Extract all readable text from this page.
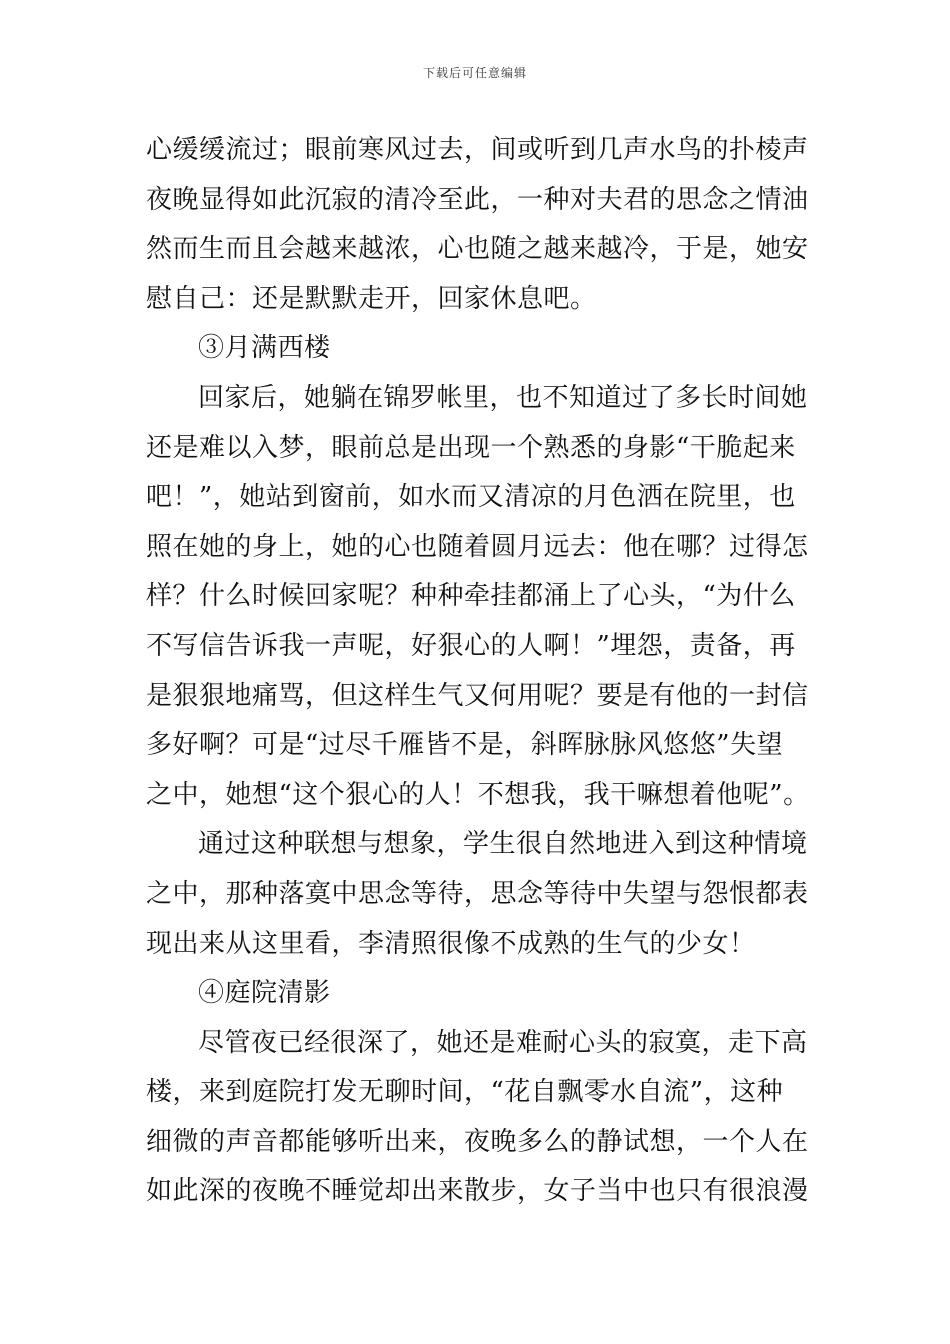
下载后可任意编辑
心缓缓流过；眼前寒风过去，间或听到几声水鸟的扑棱声
夜晚显得如此沉寂的清冷至此，一种对夫君的思念之情油
然而生而且会越来越浓，心也随之越来越冷，于是，她安
慰自己：还是默默走开，回家休息吧。
③月满西楼
回家后，她躺在锦罗帐里，也不知道过了多长时间她
还是难以入梦，眼前总是出现一个熟悉的身影“干脆起来
吧！”，她站到窗前，如水而又清凉的月色洒在院里，也
照在她的身上，她的心也随着圆月远去：他在哪？过得怎
样？什么时候回家呢？种种牵挂都涌上了心头，“为什么
不写信告诉我一声呢，好狠心的人啊！”埋怨，责备，再
是狠狠地痛骂，但这样生气又何用呢？要是有他的一封信
多好啊？可是“过尽千雁皆不是，斜晖脉脉风悠悠”失望
之中，她想“这个狠心的人！不想我，我干嘛想着他呢”。
通过这种联想与想象，学生很自然地进入到这种情境
之中，那种落寞中思念等待，思念等待中失望与怨恨都表
现出来从这里看，李清照很像不成熟的生气的少女！
④庭院清影
尽管夜已经很深了，她还是难耐心头的寂寞，走下高
楼，来到庭院打发无聊时间，“花自飘零水自流”，这种
细微的声音都能够听出来，夜晚多么的静试想，一个人在
如此深的夜晚不睡觉却出来散步，女子当中也只有很浪漫
